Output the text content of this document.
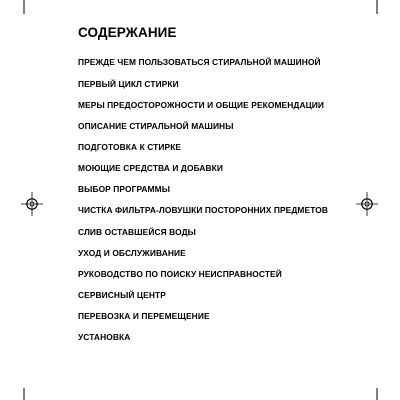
СОДЕРЖАНИЕ
ПРЕЖДЕ ЧЕМ ПОЛЬЗОВАТЬСЯ СТИРАЛЬНОЙ МАШИНОЙ
ПЕРВЫЙ ЦИКЛ СТИРКИ
МЕРЫ ПРЕДОСТОРОЖНОСТИ И ОБЩИЕ РЕКОМЕНДАЦИИ
ОПИСАНИЕ СТИРАЛЬНОЙ МАШИНЫ
ПОДГОТОВКА К СТИРКЕ
МОЮЩИЕ СРЕДСТВА И ДОБАВКИ
ВЫБОР ПРОГРАММЫ
ЧИСТКА ФИЛЬТРА-ЛОВУШКИ ПОСТОРОННИХ ПРЕДМЕТОВ
СЛИВ ОСТАВШЕЙСЯ ВОДЫ
УХОД И ОБСЛУЖИВАНИЕ
РУКОВОДСТВО ПО ПОИСКУ НЕИСПРАВНОСТЕЙ
СЕРВИСНЫЙ ЦЕНТР
ПЕРЕВОЗКА И ПЕРЕМЕЩЕНИЕ
УСТАНОВКА
